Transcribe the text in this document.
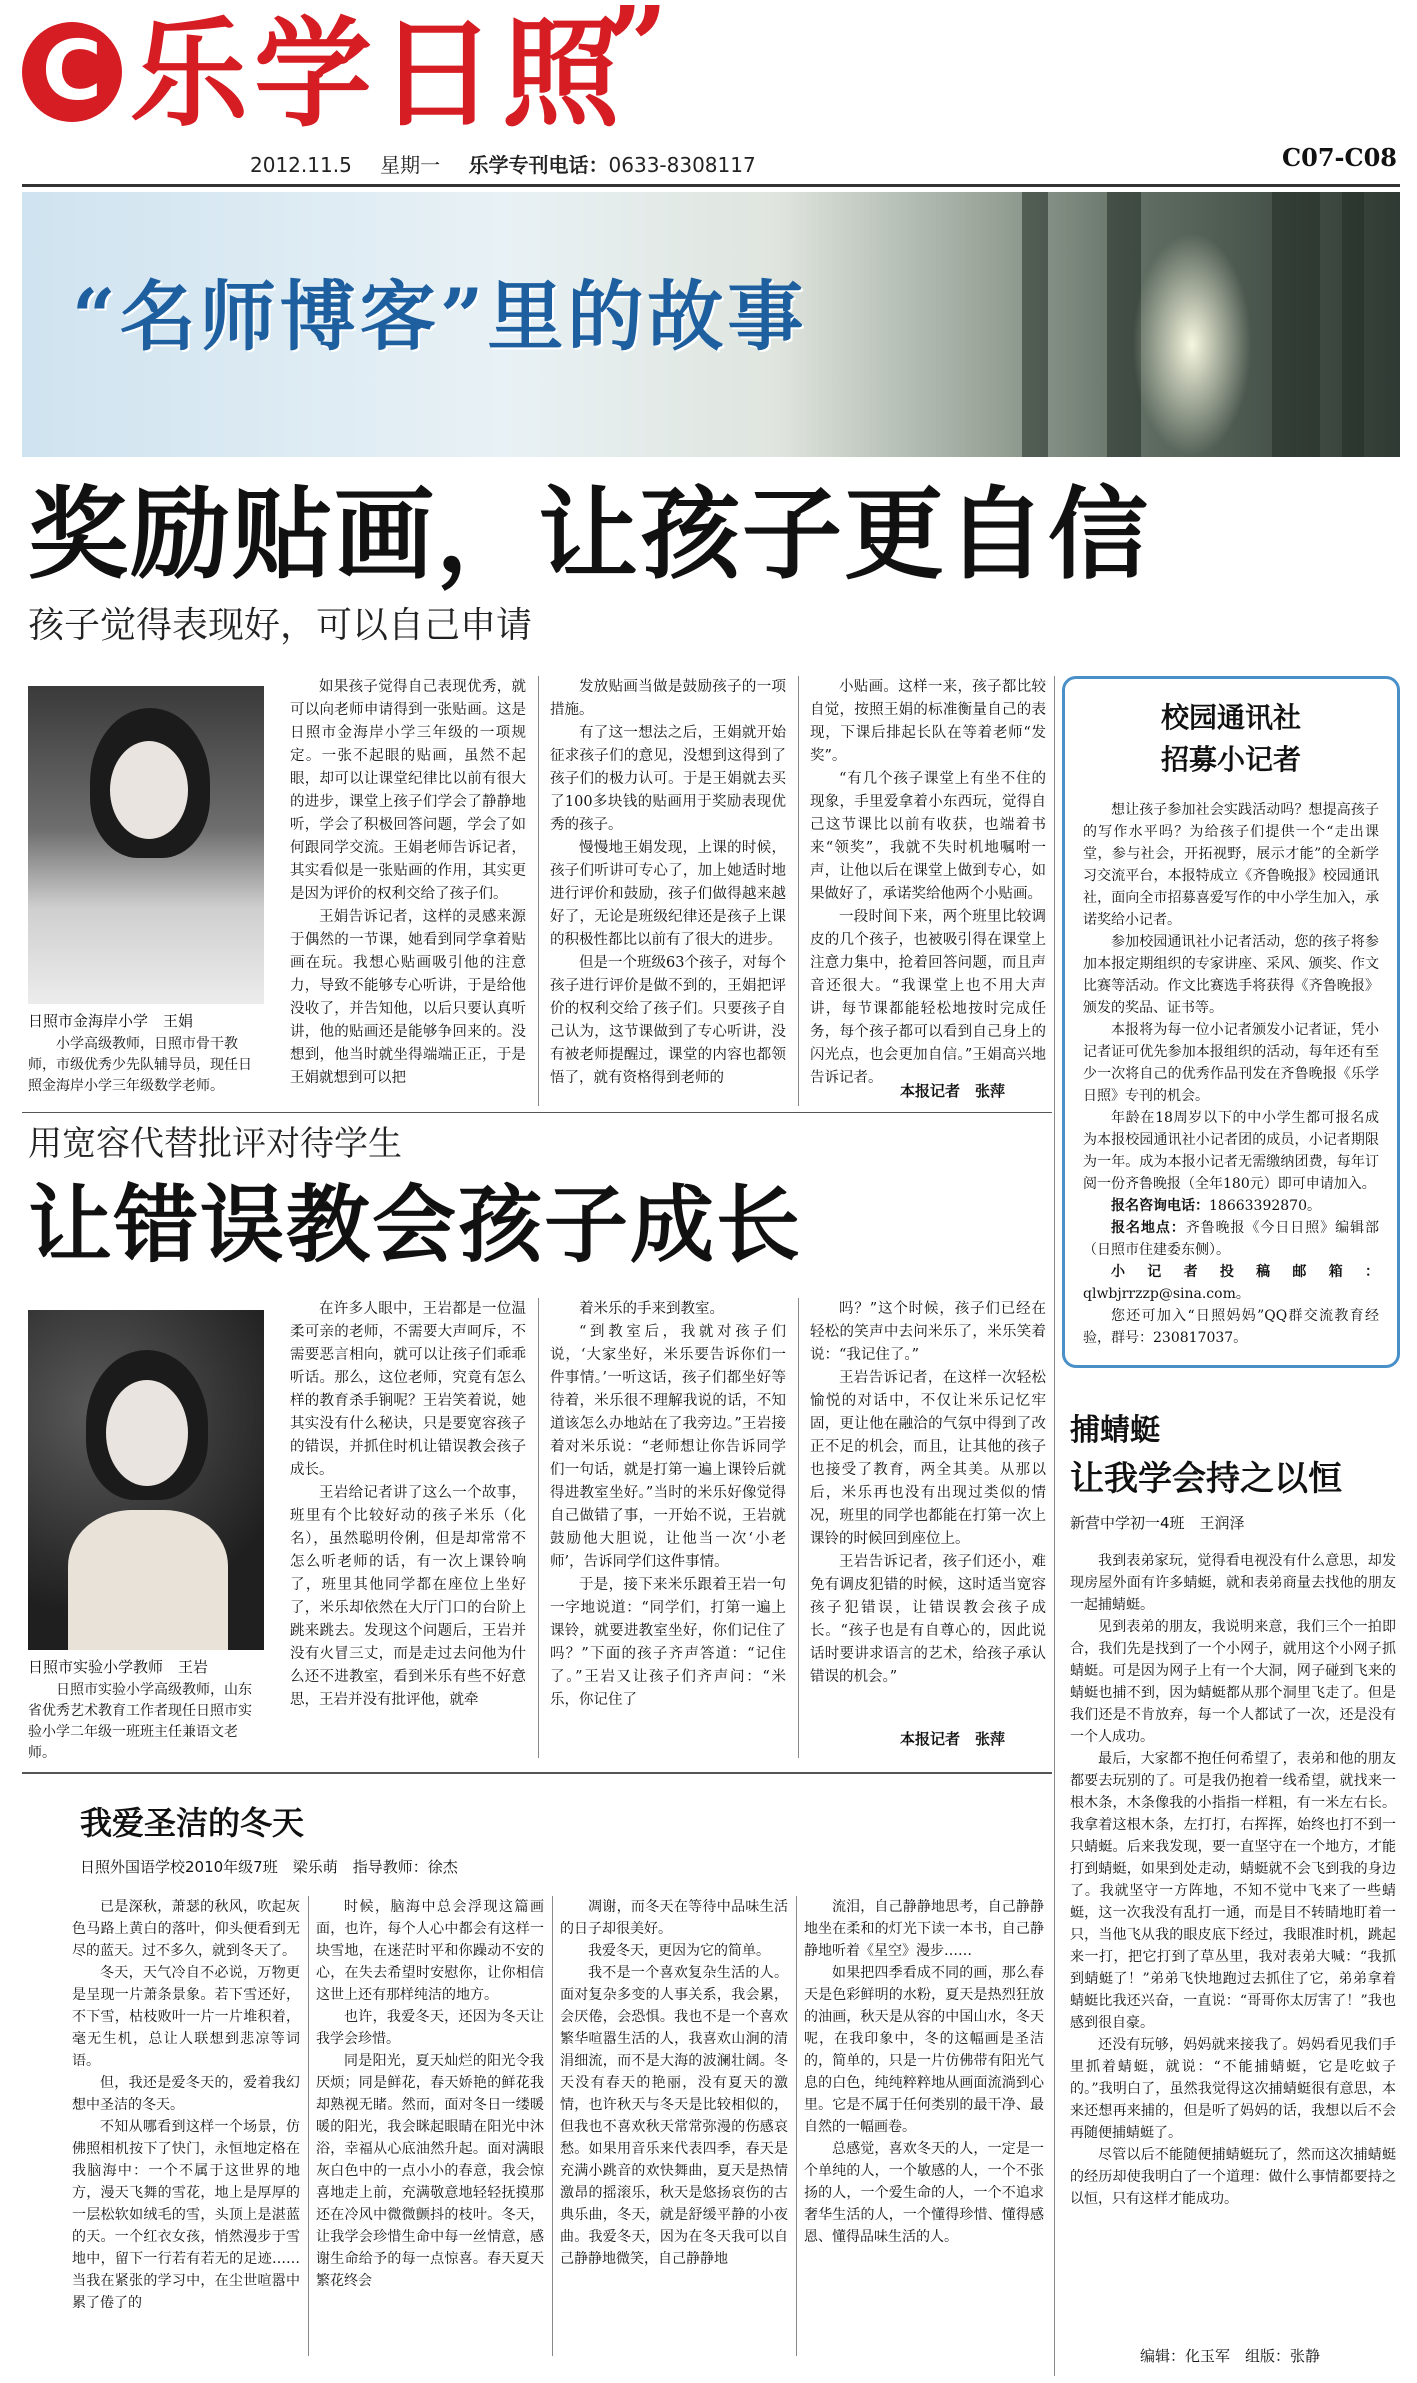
C 乐学日照
”
2012.11.5 星期一 乐学专刊电话：0633-8308117	C07-C08
“名师博客”里的故事
奖励贴画，让孩子更自信
孩子觉得表现好，可以自己申请
日照市金海岸小学　王娟
小学高级教师，日照市骨干教师，市级优秀少先队辅导员，现任日照金海岸小学三年级数学老师。

如果孩子觉得自己表现优秀，就可以向老师申请得到一张贴画。这是日照市金海岸小学三年级的一项规定。一张不起眼的贴画，虽然不起眼，却可以让课堂纪律比以前有很大的进步，课堂上孩子们学会了静静地听，学会了积极回答问题，学会了如何跟同学交流。王娟老师告诉记者，其实看似是一张贴画的作用，其实更是因为评价的权利交给了孩子们。

王娟告诉记者，这样的灵感来源于偶然的一节课，她看到同学拿着贴画在玩。我想心贴画吸引他的注意力，导致不能够专心听讲，于是给他没收了，并告知他，以后只要认真听讲，他的贴画还是能够争回来的。没想到，他当时就坐得端端正正，于是王娟就想到可以把

发放贴画当做是鼓励孩子的一项措施。

有了这一想法之后，王娟就开始征求孩子们的意见，没想到这得到了孩子们的极力认可。于是王娟就去买了100多块钱的贴画用于奖励表现优秀的孩子。

慢慢地王娟发现，上课的时候，孩子们听讲可专心了，加上她适时地进行评价和鼓励，孩子们做得越来越好了，无论是班级纪律还是孩子上课的积极性都比以前有了很大的进步。

但是一个班级63个孩子，对每个孩子进行评价是做不到的，王娟把评价的权利交给了孩子们。只要孩子自己认为，这节课做到了专心听讲，没有被老师提醒过，课堂的内容也都领悟了，就有资格得到老师的

小贴画。这样一来，孩子都比较自觉，按照王娟的标准衡量自己的表现，下课后排起长队在等着老师“发奖”。

“有几个孩子课堂上有坐不住的现象，手里爱拿着小东西玩，觉得自己这节课比以前有收获，也端着书来“领奖”，我就不失时机地嘱咐一声，让他以后在课堂上做到专心，如果做好了，承诺奖给他两个小贴画。

一段时间下来，两个班里比较调皮的几个孩子，也被吸引得在课堂上注意力集中，抢着回答问题，而且声音还很大。“我课堂上也不用大声讲，每节课都能轻松地按时完成任务，每个孩子都可以看到自己身上的闪光点，也会更加自信。”王娟高兴地告诉记者。

本报记者　张萍
用宽容代替批评对待学生
让错误教会孩子成长
日照市实验小学教师　王岩
日照市实验小学高级教师，山东省优秀艺术教育工作者现任日照市实验小学二年级一班班主任兼语文老师。

在许多人眼中，王岩都是一位温柔可亲的老师，不需要大声呵斥，不需要恶言相向，就可以让孩子们乖乖听话。那么，这位老师，究竟有怎么样的教育杀手锏呢？王岩笑着说，她其实没有什么秘诀，只是要宽容孩子的错误，并抓住时机让错误教会孩子成长。

王岩给记者讲了这么一个故事，班里有个比较好动的孩子米乐（化名），虽然聪明伶俐，但是却常常不怎么听老师的话，有一次上课铃响了，班里其他同学都在座位上坐好了，米乐却依然在大厅门口的台阶上跳来跳去。发现这个问题后，王岩并没有火冒三丈，而是走过去问他为什么还不进教室，看到米乐有些不好意思，王岩并没有批评他，就牵

着米乐的手来到教室。

“到教室后，我就对孩子们说，‘大家坐好，米乐要告诉你们一件事情。’一听这话，孩子们都坐好等待着，米乐很不理解我说的话，不知道该怎么办地站在了我旁边。”王岩接着对米乐说：“老师想让你告诉同学们一句话，就是打第一遍上课铃后就得进教室坐好。”当时的米乐好像觉得自己做错了事，一开始不说，王岩就鼓励他大胆说，让他当一次‘小老师’，告诉同学们这件事情。

于是，接下来米乐跟着王岩一句一字地说道：“同学们，打第一遍上课铃，就要进教室坐好，你们记住了吗？”下面的孩子齐声答道：“记住了。”王岩又让孩子们齐声问：“米乐，你记住了

吗？”这个时候，孩子们已经在轻松的笑声中去问米乐了，米乐笑着说：“我记住了。”

王岩告诉记者，在这样一次轻松愉悦的对话中，不仅让米乐记忆牢固，更让他在融洽的气氛中得到了改正不足的机会，而且，让其他的孩子也接受了教育，两全其美。从那以后，米乐再也没有出现过类似的情况，班里的同学也都能在打第一次上课铃的时候回到座位上。

王岩告诉记者，孩子们还小，难免有调皮犯错的时候，这时适当宽容孩子犯错误，让错误教会孩子成长。“孩子也是有自尊心的，因此说话时要讲求语言的艺术，给孩子承认错误的机会。”

本报记者　张萍
校园通讯社
招募小记者

想让孩子参加社会实践活动吗？想提高孩子的写作水平吗？为给孩子们提供一个“走出课堂，参与社会，开拓视野，展示才能”的全新学习交流平台，本报特成立《齐鲁晚报》校园通讯社，面向全市招募喜爱写作的中小学生加入，承诺奖给小记者。

参加校园通讯社小记者活动，您的孩子将参加本报定期组织的专家讲座、采风、颁奖、作文比赛等活动。作文比赛选手将获得《齐鲁晚报》颁发的奖品、证书等。

本报将为每一位小记者颁发小记者证，凭小记者证可优先参加本报组织的活动，每年还有至少一次将自己的优秀作品刊发在齐鲁晚报《乐学日照》专刊的机会。

年龄在18周岁以下的中小学生都可报名成为本报校园通讯社小记者团的成员，小记者期限为一年。成为本报小记者无需缴纳团费，每年订阅一份齐鲁晚报（全年180元）即可申请加入。

报名咨询电话：18663392870。

报名地点：齐鲁晚报《今日日照》编辑部（日照市住建委东侧）。

小记者投稿邮箱：qlwbjrrzzp@sina.com。

您还可加入“日照妈妈”QQ群交流教育经验，群号：230817037。

捕蜻蜓
让我学会持之以恒
新营中学初一4班　王润泽

我到表弟家玩，觉得看电视没有什么意思，却发现房屋外面有许多蜻蜓，就和表弟商量去找他的朋友一起捕蜻蜓。

见到表弟的朋友，我说明来意，我们三个一拍即合，我们先是找到了一个小网子，就用这个小网子抓蜻蜓。可是因为网子上有一个大洞，网子碰到飞来的蜻蜓也捕不到，因为蜻蜓都从那个洞里飞走了。但是我们还是不肯放弃，每一个人都试了一次，还是没有一个人成功。

最后，大家都不抱任何希望了，表弟和他的朋友都要去玩别的了。可是我仍抱着一线希望，就找来一根木条，木条像我的小指指一样粗，有一米左右长。我拿着这根木条，左打打，右挥挥，始终也打不到一只蜻蜓。后来我发现，要一直坚守在一个地方，才能打到蜻蜓，如果到处走动，蜻蜓就不会飞到我的身边了。我就坚守一方阵地，不知不觉中飞来了一些蜻蜓，这一次我没有乱打一通，而是目不转睛地盯着一只，当他飞从我的眼皮底下经过，我眼准时机，跳起来一打，把它打到了草丛里，我对表弟大喊：“我抓到蜻蜓了！”弟弟飞快地跑过去抓住了它，弟弟拿着蜻蜓比我还兴奋，一直说：“哥哥你太厉害了！”我也感到很自豪。

还没有玩够，妈妈就来接我了。妈妈看见我们手里抓着蜻蜓，就说：“不能捕蜻蜓，它是吃蚊子的。”我明白了，虽然我觉得这次捕蜻蜓很有意思，本来还想再来捕的，但是听了妈妈的话，我想以后不会再随便捕蜻蜓了。

尽管以后不能随便捕蜻蜓玩了，然而这次捕蜻蜓的经历却使我明白了一个道理：做什么事情都要持之以恒，只有这样才能成功。

我爱圣洁的冬天
日照外国语学校2010年级7班　梁乐萌　指导教师：徐杰

已是深秋，萧瑟的秋风，吹起灰色马路上黄白的落叶，仰头便看到无尽的蓝天。过不多久，就到冬天了。

冬天，天气冷自不必说，万物更是呈现一片萧条景象。若下雪还好，不下雪，枯枝败叶一片一片堆积着，毫无生机，总让人联想到悲凉等词语。

但，我还是爱冬天的，爱着我幻想中圣洁的冬天。

不知从哪看到这样一个场景，仿佛照相机按下了快门，永恒地定格在我脑海中：一个不属于这世界的地方，漫天飞舞的雪花，地上是厚厚的一层松软如绒毛的雪，头顶上是湛蓝的天。一个红衣女孩，悄然漫步于雪地中，留下一行若有若无的足迹……当我在紧张的学习中，在尘世喧嚣中累了倦了的

时候，脑海中总会浮现这篇画面，也许，每个人心中都会有这样一块雪地，在迷茫时平和你躁动不安的心，在失去希望时安慰你，让你相信这世上还有那样纯洁的地方。

也许，我爱冬天，还因为冬天让我学会珍惜。

同是阳光，夏天灿烂的阳光令我厌烦；同是鲜花，春天娇艳的鲜花我却熟视无睹。然而，面对冬日一缕暖暖的阳光，我会眯起眼睛在阳光中沐浴，幸福从心底油然升起。面对满眼灰白色中的一点小小的春意，我会惊喜地走上前，充满敬意地轻轻抚摸那还在冷风中微微颤抖的枝叶。冬天，让我学会珍惜生命中每一丝情意，感谢生命给予的每一点惊喜。春天夏天繁花终会

凋谢，而冬天在等待中品味生活的日子却很美好。

我爱冬天，更因为它的简单。

我不是一个喜欢复杂生活的人。面对复杂多变的人事关系，我会累，会厌倦，会恐惧。我也不是一个喜欢繁华喧嚣生活的人，我喜欢山涧的清涓细流，而不是大海的波澜壮阔。冬天没有春天的艳丽，没有夏天的激情，也许秋天与冬天是比较相似的，但我也不喜欢秋天常常弥漫的伤感哀愁。如果用音乐来代表四季，春天是充满小跳音的欢快舞曲，夏天是热情激昂的摇滚乐，秋天是悠扬哀伤的古典乐曲，冬天，就是舒缓平静的小夜曲。我爱冬天，因为在冬天我可以自己静静地微笑，自己静静地

流泪，自己静静地思考，自己静静地坐在柔和的灯光下读一本书，自己静静地听着《星空》漫步……

如果把四季看成不同的画，那么春天是色彩鲜明的水粉，夏天是热烈狂放的油画，秋天是从容的中国山水，冬天呢，在我印象中，冬的这幅画是圣洁的，简单的，只是一片仿佛带有阳光气息的白色，纯纯粹粹地从画面流淌到心里。它是不属于任何类别的最干净、最自然的一幅画卷。

总感觉，喜欢冬天的人，一定是一个单纯的人，一个敏感的人，一个不张扬的人，一个爱生命的人，一个不追求奢华生活的人，一个懂得珍惜、懂得感恩、懂得品味生活的人。

编辑：化玉军　组版：张静
